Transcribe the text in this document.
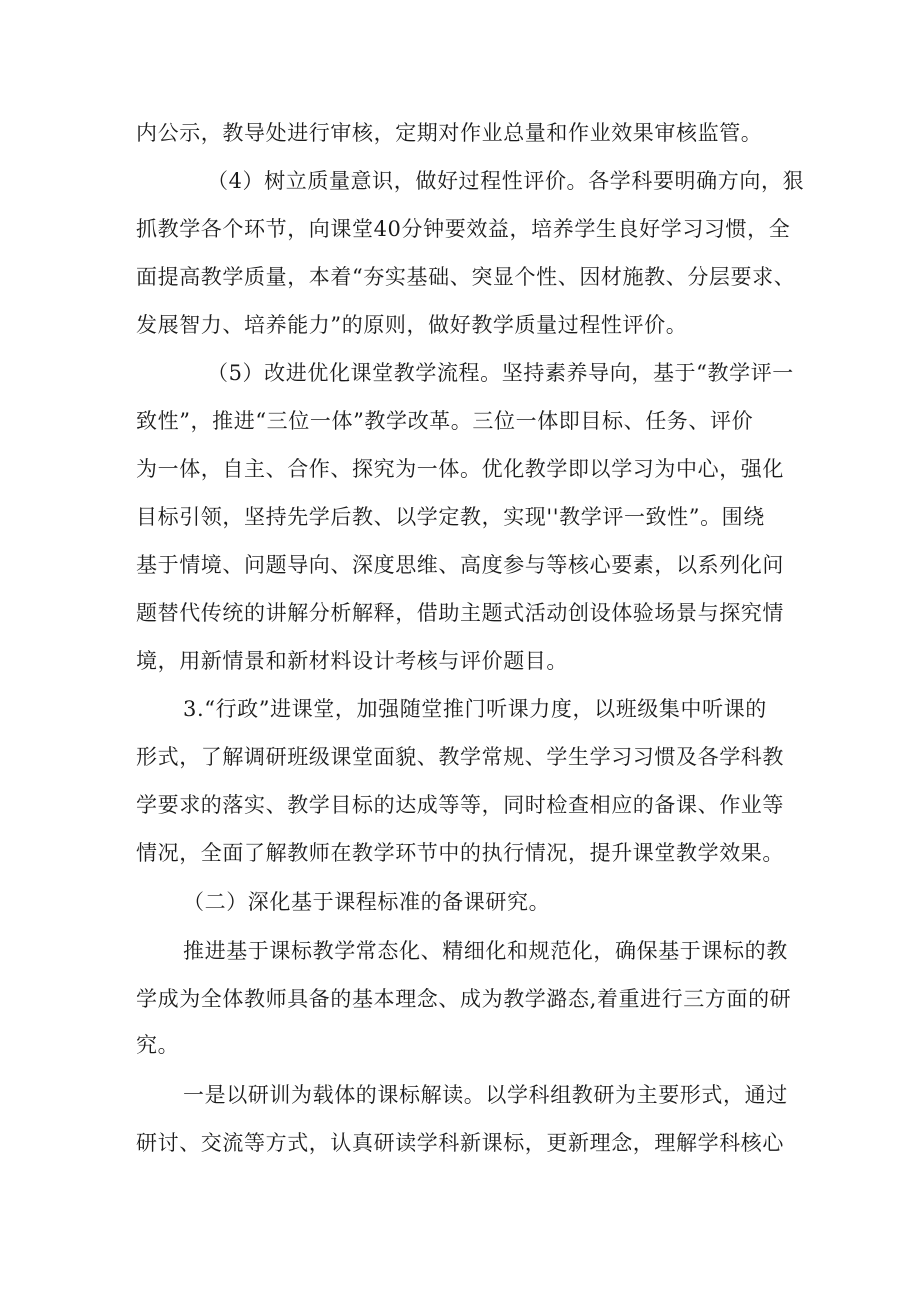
内公示，教导处进行审核，定期对作业总量和作业效果审核监管。
（4）树立质量意识，做好过程性评价。各学科要明确方向，狠
抓教学各个环节，向课堂40分钟要效益，培养学生良好学习习惯，全
面提高教学质量，本着“夯实基础、突显个性、因材施教、分层要求、
发展智力、培养能力”的原则，做好教学质量过程性评价。
（5）改进优化课堂教学流程。坚持素养导向，基于“教学评一
致性”，推进“三位一体”教学改革。三位一体即目标、任务、评价
为一体，自主、合作、探究为一体。优化教学即以学习为中心，强化
目标引领，坚持先学后教、以学定教，实现''教学评一致性”。围绕
基于情境、问题导向、深度思维、高度参与等核心要素，以系列化问
题替代传统的讲解分析解释，借助主题式活动创设体验场景与探究情
境，用新情景和新材料设计考核与评价题目。
3.“行政”进课堂，加强随堂推门听课力度，以班级集中听课的
形式，了解调研班级课堂面貌、教学常规、学生学习习惯及各学科教
学要求的落实、教学目标的达成等等，同时检查相应的备课、作业等
情况，全面了解教师在教学环节中的执行情况，提升课堂教学效果。
（二）深化基于课程标准的备课研究。
推进基于课标教学常态化、精细化和规范化，确保基于课标的教
学成为全体教师具备的基本理念、成为教学潞态,着重进行三方面的研
究。
一是以研训为载体的课标解读。以学科组教研为主要形式，通过
研讨、交流等方式，认真研读学科新课标，更新理念，理解学科核心
